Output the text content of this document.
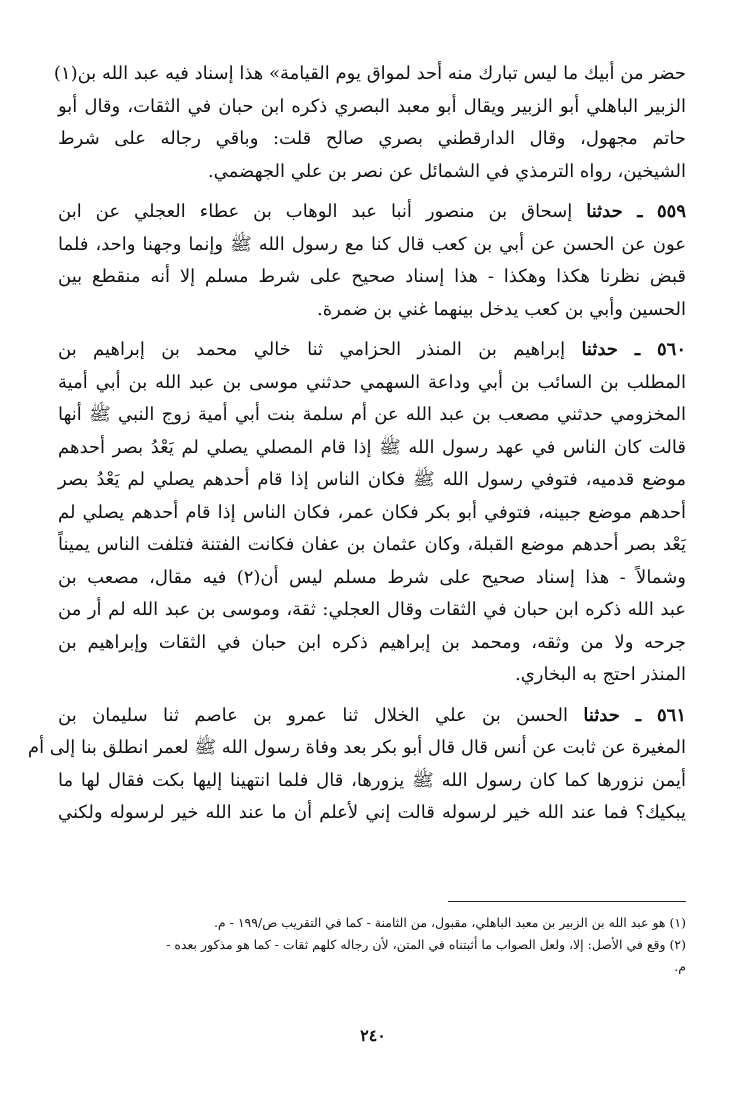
حضر من أبيك ما ليس تبارك منه أحد لمواق يوم القيامة» هذا إسناد فيه عبد الله بن(١)
الزبير الباهلي أبو الزبير ويقال أبو معبد البصري ذكره ابن حبان في الثقات، وقال أبو
حاتم مجهول، وقال الدارقطني بصري صالح قلت: وباقي رجاله على شرط
الشيخين، رواه الترمذي في الشمائل عن نصر بن علي الجهضمي.
٥٥٩ ـ حدثنا إسحاق بن منصور أنبا عبد الوهاب بن عطاء العجلي عن ابن
عون عن الحسن عن أبي بن كعب قال كنا مع رسول الله ﷺ وإنما وجهنا واحد، فلما
قبض نظرنا هكذا وهكذا - هذا إسناد صحيح على شرط مسلم إلا أنه منقطع بين
الحسين وأبي بن كعب يدخل بينهما غني بن ضمرة.
٥٦٠ ـ حدثنا إبراهيم بن المنذر الحزامي ثنا خالي محمد بن إبراهيم بن
المطلب بن السائب بن أبي وداعة السهمي حدثني موسى بن عبد الله بن أبي أمية
المخزومي حدثني مصعب بن عبد الله عن أم سلمة بنت أبي أمية زوج النبي ﷺ أنها
قالت كان الناس في عهد رسول الله ﷺ إذا قام المصلي يصلي لم يَعْدُ بصر أحدهم
موضع قدميه، فتوفي رسول الله ﷺ فكان الناس إذا قام أحدهم يصلي لم يَعْدُ بصر
أحدهم موضع جبينه، فتوفي أبو بكر فكان عمر، فكان الناس إذا قام أحدهم يصلي لم
يَعْد بصر أحدهم موضع القبلة، وكان عثمان بن عفان فكانت الفتنة فتلفت الناس يميناً
وشمالاً - هذا إسناد صحيح على شرط مسلم ليس أن(٢) فيه مقال، مصعب بن
عبد الله ذكره ابن حبان في الثقات وقال العجلي: ثقة، وموسى بن عبد الله لم أر من
جرحه ولا من وثقه، ومحمد بن إبراهيم ذكره ابن حبان في الثقات وإبراهيم بن
المنذر احتج به البخاري.
٥٦١ ـ حدثنا الحسن بن علي الخلال ثنا عمرو بن عاصم ثنا سليمان بن
المغيرة عن ثابت عن أنس قال قال أبو بكر بعد وفاة رسول الله ﷺ لعمر انطلق بنا إلى أم
أيمن نزورها كما كان رسول الله ﷺ يزورها، قال فلما انتهينا إليها بكت فقال لها ما
يبكيك؟ فما عند الله خير لرسوله قالت إني لأعلم أن ما عند الله خير لرسوله ولكني
(١) هو عبد الله بن الزبير بن معبد الباهلي، مقبول، من الثامنة - كما في التقريب ص/١٩٩ - م.
(٢) وقع في الأصل: إلا، ولعل الصواب ما أثبتناه في المتن، لأن رجاله كلهم ثقات - كما هو مذكور بعده -
م.
٢٤٠
